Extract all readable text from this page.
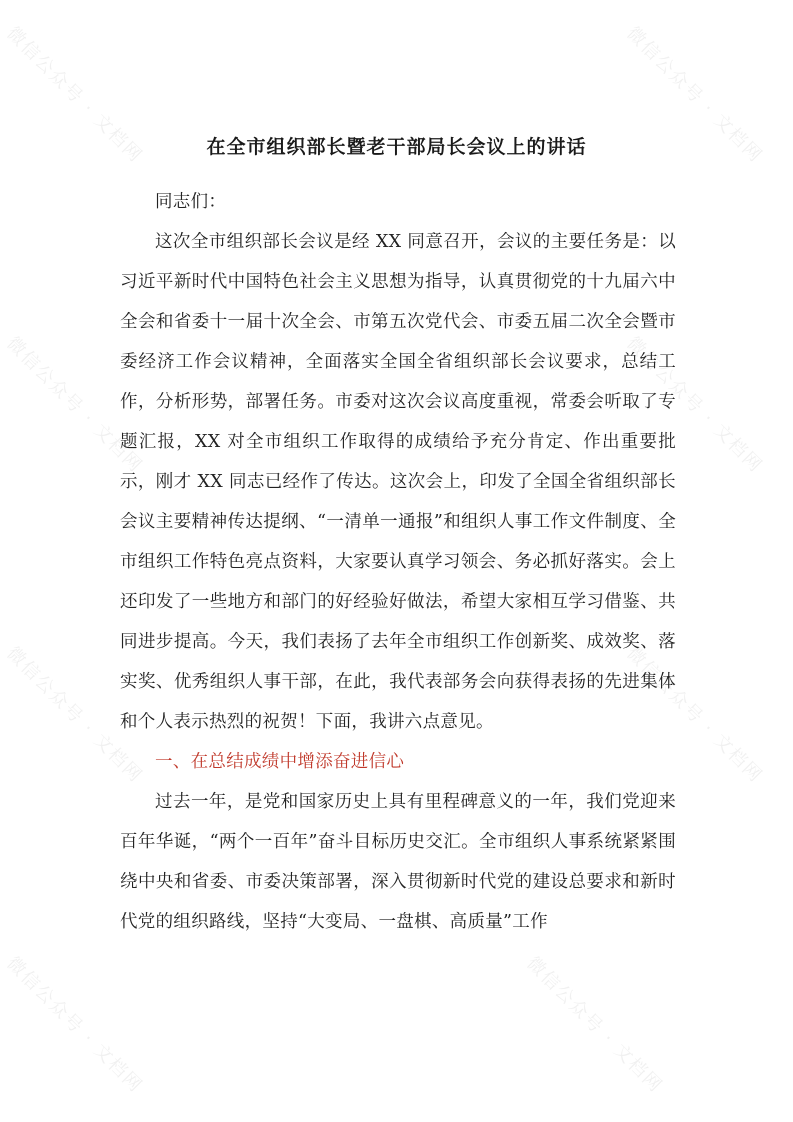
微信公众号 · 文档网	微信公众号 · 文档网
微信公众号 · 文档网	微信公众号 · 文档网
微信公众号 · 文档网	微信公众号 · 文档网
微信公众号 · 文档网	微信公众号 · 文档网
在全市组织部长暨老干部局长会议上的讲话

同志们：

这次全市组织部长会议是经 XX 同意召开，会议的主要任务是：以习近平新时代中国特色社会主义思想为指导，认真贯彻党的十九届六中全会和省委十一届十次全会、市第五次党代会、市委五届二次全会暨市委经济工作会议精神，全面落实全国全省组织部长会议要求，总结工作，分析形势，部署任务。市委对这次会议高度重视，常委会听取了专题汇报，XX 对全市组织工作取得的成绩给予充分肯定、作出重要批示，刚才 XX 同志已经作了传达。这次会上，印发了全国全省组织部长会议主要精神传达提纲、“一清单一通报”和组织人事工作文件制度、全市组织工作特色亮点资料，大家要认真学习领会、务必抓好落实。会上还印发了一些地方和部门的好经验好做法，希望大家相互学习借鉴、共同进步提高。今天，我们表扬了去年全市组织工作创新奖、成效奖、落实奖、优秀组织人事干部，在此，我代表部务会向获得表扬的先进集体和个人表示热烈的祝贺！下面，我讲六点意见。

一、在总结成绩中增添奋进信心

过去一年，是党和国家历史上具有里程碑意义的一年，我们党迎来百年华诞，“两个一百年”奋斗目标历史交汇。全市组织人事系统紧紧围绕中央和省委、市委决策部署，深入贯彻新时代党的建设总要求和新时代党的组织路线，坚持“大变局、一盘棋、高质量”工作
